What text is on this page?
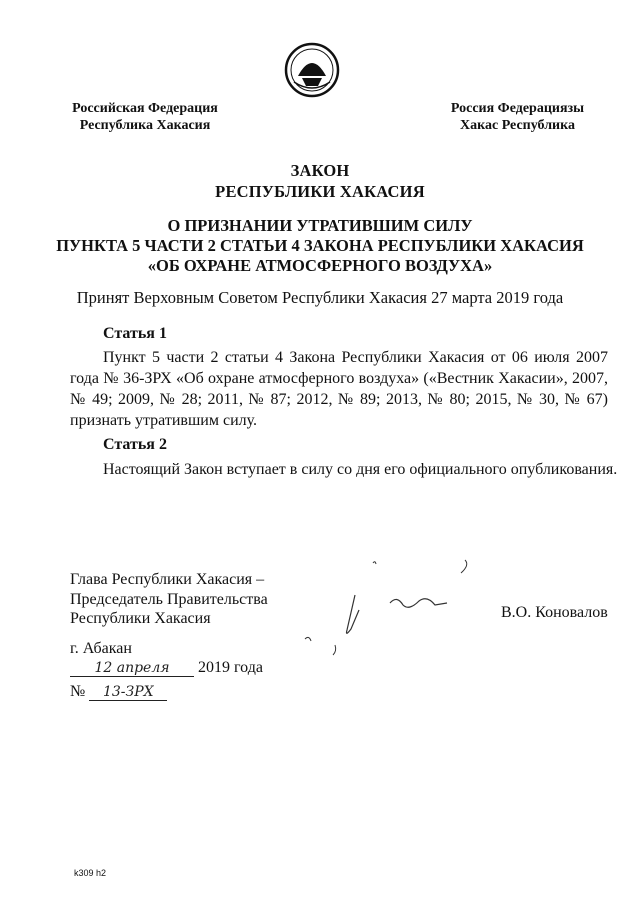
Российская Федерация
Республика Хакасия
Россия Федерациязы
Хакас Республика
ЗАКОН
РЕСПУБЛИКИ ХАКАСИЯ
О ПРИЗНАНИИ УТРАТИВШИМ СИЛУ
ПУНКТА 5 ЧАСТИ 2 СТАТЬИ 4 ЗАКОНА РЕСПУБЛИКИ ХАКАСИЯ
«ОБ ОХРАНЕ АТМОСФЕРНОГО ВОЗДУХА»
Принят Верховным Советом Республики Хакасия 27 марта 2019 года
Статья 1
Пункт 5 части 2 статьи 4 Закона Республики Хакасия от 06 июля 2007 года № 36-ЗРХ «Об охране атмосферного воздуха» («Вестник Хакасии», 2007, № 49; 2009, № 28; 2011, № 87; 2012, № 89; 2013, № 80; 2015, № 30, № 67) признать утратившим силу.
Статья 2
Настоящий Закон вступает в силу со дня его официального опубликования.
Глава Республики Хакасия –
Председатель Правительства
Республики Хакасия	В.О. Коновалов
г. Абакан
12 апреля 2019 года
№ 13-ЗРХ
k309 h2
